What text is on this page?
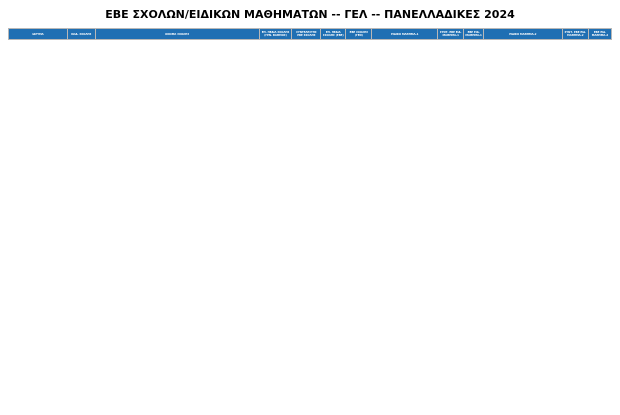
ΕΒΕ ΣΧΟΛΩΝ/ΕΙΔΙΚΩΝ ΜΑΘΗΜΑΤΩΝ -- ΓΕΛ -- ΠΑΝΕΛΛΑΔΙΚΕΣ 2024
ΙΔΡΥΜΑ	ΚΩΔ. ΣΧΟΛΗΣ	ΟΝΟΜΑ ΣΧΟΛΗΣ	ΕΠ. ΠΕΔΙΑ ΣΧΟΛΗΣ (ΓΕΝ. ΒΑΘΜΟΣ)	ΣΥΝΤΕΛΕΣΤΗΣ ΕΒΕ ΣΧΟΛΗΣ	ΕΠ. ΠΕΔΙΑ ΣΧΟΛΗΣ (ΕΒΕ)	ΕΒΕ ΣΧΟΛΗΣ (ΓΕΝ)	ΕΙΔΙΚΟ ΜΑΘΗΜΑ-1	ΣΥΝΤ. ΕΒΕ ΕΙΔ. ΜΑΘΗΜΑ-1	ΕΒΕ ΕΙΔ. ΜΑΘΗΜΑ-1	ΕΙΔΙΚΟ ΜΑΘΗΜΑ-2	ΣΥΝΤ. ΕΒΕ ΕΙΔ. ΜΑΘΗΜΑ-2	ΕΒΕ ΕΙΔ. ΜΑΘΗΜΑ-2
